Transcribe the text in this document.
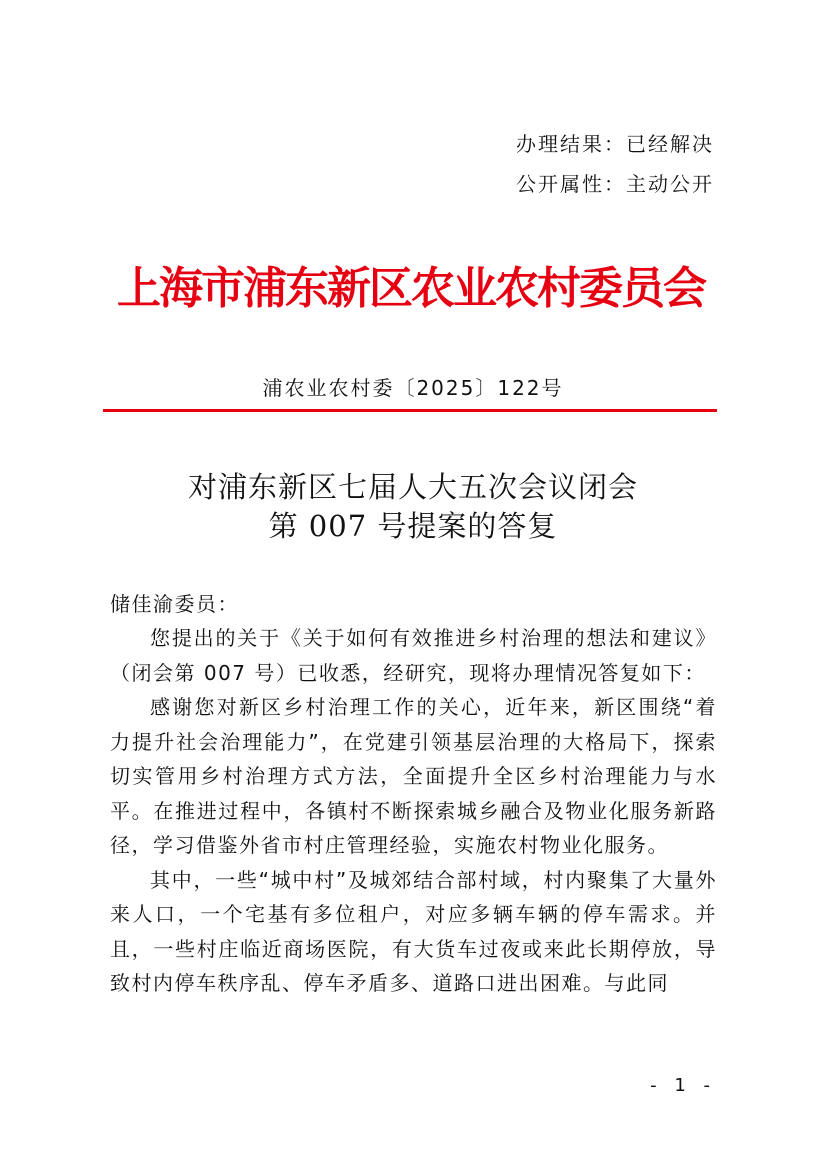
办理结果：已经解决
公开属性：主动公开
上海市浦东新区农业农村委员会
浦农业农村委〔2025〕122号
对浦东新区七届人大五次会议闭会
第 007 号提案的答复
储佳渝委员：

您提出的关于《关于如何有效推进乡村治理的想法和建议》（闭会第 007 号）已收悉，经研究，现将办理情况答复如下：

感谢您对新区乡村治理工作的关心，近年来，新区围绕“着力提升社会治理能力”，在党建引领基层治理的大格局下，探索切实管用乡村治理方式方法，全面提升全区乡村治理能力与水平。在推进过程中，各镇村不断探索城乡融合及物业化服务新路径，学习借鉴外省市村庄管理经验，实施农村物业化服务。

其中，一些“城中村”及城郊结合部村域，村内聚集了大量外来人口，一个宅基有多位租户，对应多辆车辆的停车需求。并且，一些村庄临近商场医院，有大货车过夜或来此长期停放，导致村内停车秩序乱、停车矛盾多、道路口进出困难。与此同

- 1 -
